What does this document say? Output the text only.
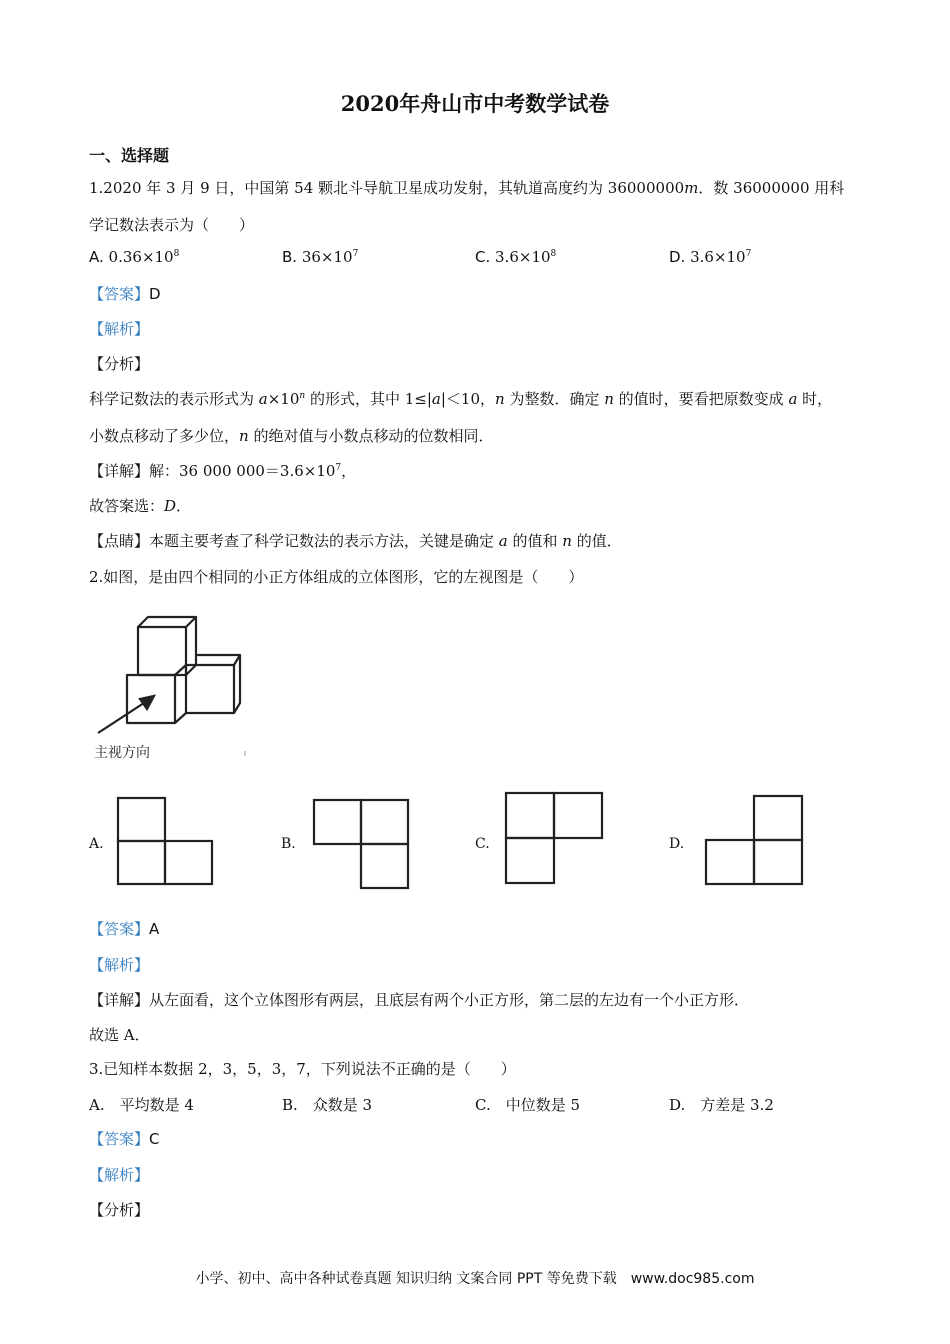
2020年舟山市中考数学试卷
一、选择题
1.2020 年 3 月 9 日，中国第 54 颗北斗导航卫星成功发射，其轨道高度约为 36000000m．数 36000000 用科
学记数法表示为（　　）
A. $0.36\times 10^8$	B. $36\times 10^7$	C. $3.6\times 10^8$	D. $3.6\times 10^7$
【答案】D
【解析】
【分析】
科学记数法的表示形式为 $a\times 10^n$ 的形式，其中 1≤|a|＜10，n 为整数．确定 n 的值时，要看把原数变成 a 时，
小数点移动了多少位，n 的绝对值与小数点移动的位数相同．
【详解】解：36 000 $000=3.6\times 10^7$，
故答案选：D．
【点睛】本题主要考查了科学记数法的表示方法，关键是确定 a 的值和 n 的值．
2.如图，是由四个相同的小正方体组成的立体图形，它的左视图是（　　）
主视方向
A.	B.	C.	D.
【答案】A
【解析】
【详解】从左面看，这个立体图形有两层，且底层有两个小正方形，第二层的左边有一个小正方形．
故选 A．
3.已知样本数据 2，3，5，3，7，下列说法不正确的是（　　）
A.　平均数是 4	B.　众数是 3	C.　中位数是 5	D.　方差是 3.2
【答案】C
【解析】
【分析】
小学、初中、高中各种试卷真题 知识归纳 文案合同 PPT 等免费下载　www.doc985.com
